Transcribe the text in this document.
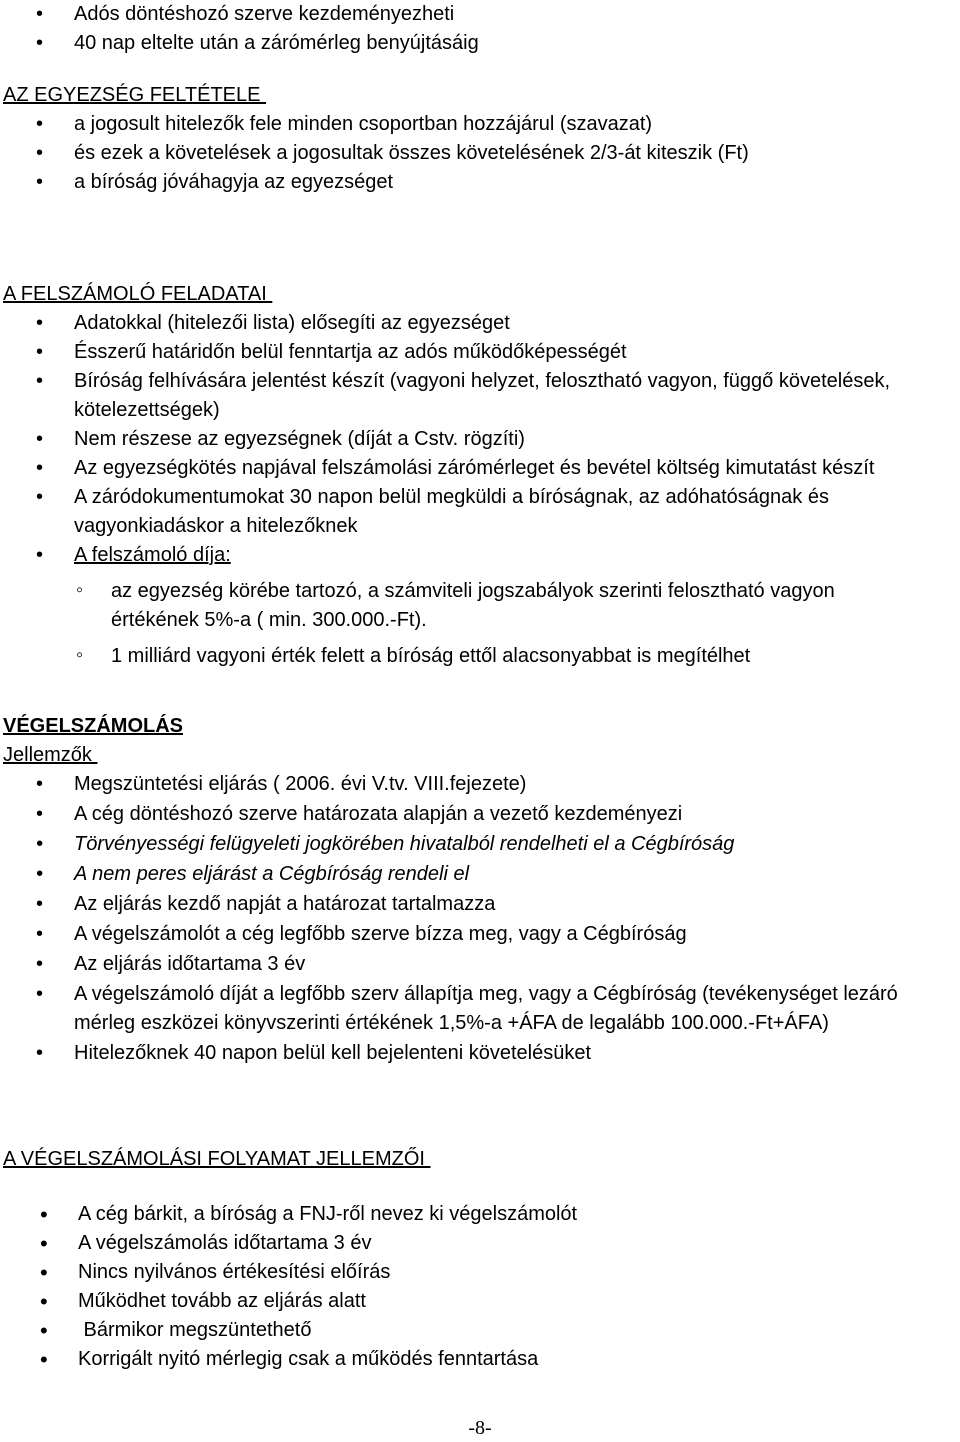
• Adós döntéshozó szerve kezdeményezheti
• 40 nap eltelte után a zárómérleg benyújtásáig
AZ EGYEZSÉG FELTÉTELE
• a jogosult hitelezők fele minden csoportban hozzájárul (szavazat)
• és ezek a követelések a jogosultak összes követelésének 2/3-át kiteszik (Ft)
• a bíróság jóváhagyja az egyezséget
A FELSZÁMOLÓ FELADATAI
• Adatokkal (hitelezői lista) elősegíti az egyezséget
• Ésszerű határidőn belül fenntartja az adós működőképességét
• Bíróság felhívására jelentést készít (vagyoni helyzet, felosztható vagyon, függő követelések, kötelezettségek)
• Nem részese az egyezségnek (díját a Cstv. rögzíti)
• Az egyezségkötés napjával felszámolási zárómérleget és bevétel költség kimutatást készít
• A záródokumentumokat 30 napon belül megküldi a bíróságnak, az adóhatóságnak és vagyonkiadáskor a hitelezőknek
• A felszámoló díja:
◦ az egyezség körébe tartozó, a számviteli jogszabályok szerinti felosztható vagyon értékének 5%-a ( min. 300.000.-Ft).
◦ 1 milliárd vagyoni érték felett a bíróság ettől alacsonyabbat is megítélhet
VÉGELSZÁMOLÁS
Jellemzők
• Megszüntetési eljárás ( 2006. évi V.tv. VIII.fejezete)
• A cég döntéshozó szerve határozata alapján a vezető kezdeményezi
• Törvényességi felügyeleti jogkörében hivatalból rendelheti el a Cégbíróság
• A nem peres eljárást a Cégbíróság rendeli el
• Az eljárás kezdő napját a határozat tartalmazza
• A végelszámolót a cég legfőbb szerve bízza meg, vagy a Cégbíróság
• Az eljárás időtartama 3 év
• A végelszámoló díját a legfőbb szerv állapítja meg, vagy a Cégbíróság (tevékenységet lezáró mérleg eszközei könyvszerinti értékének 1,5%-a +ÁFA de legalább 100.000.-Ft+ÁFA)
• Hitelezőknek 40 napon belül kell bejelenteni követelésüket
A VÉGELSZÁMOLÁSI FOLYAMAT JELLEMZŐI
• A cég bárkit, a bíróság a FNJ-ről nevez ki végelszámolót
• A végelszámolás időtartama 3 év
• Nincs nyilvános értékesítési előírás
• Működhet tovább az eljárás alatt
•  Bármikor megszüntethető
• Korrigált nyitó mérlegig csak a működés fenntartása
-8-
